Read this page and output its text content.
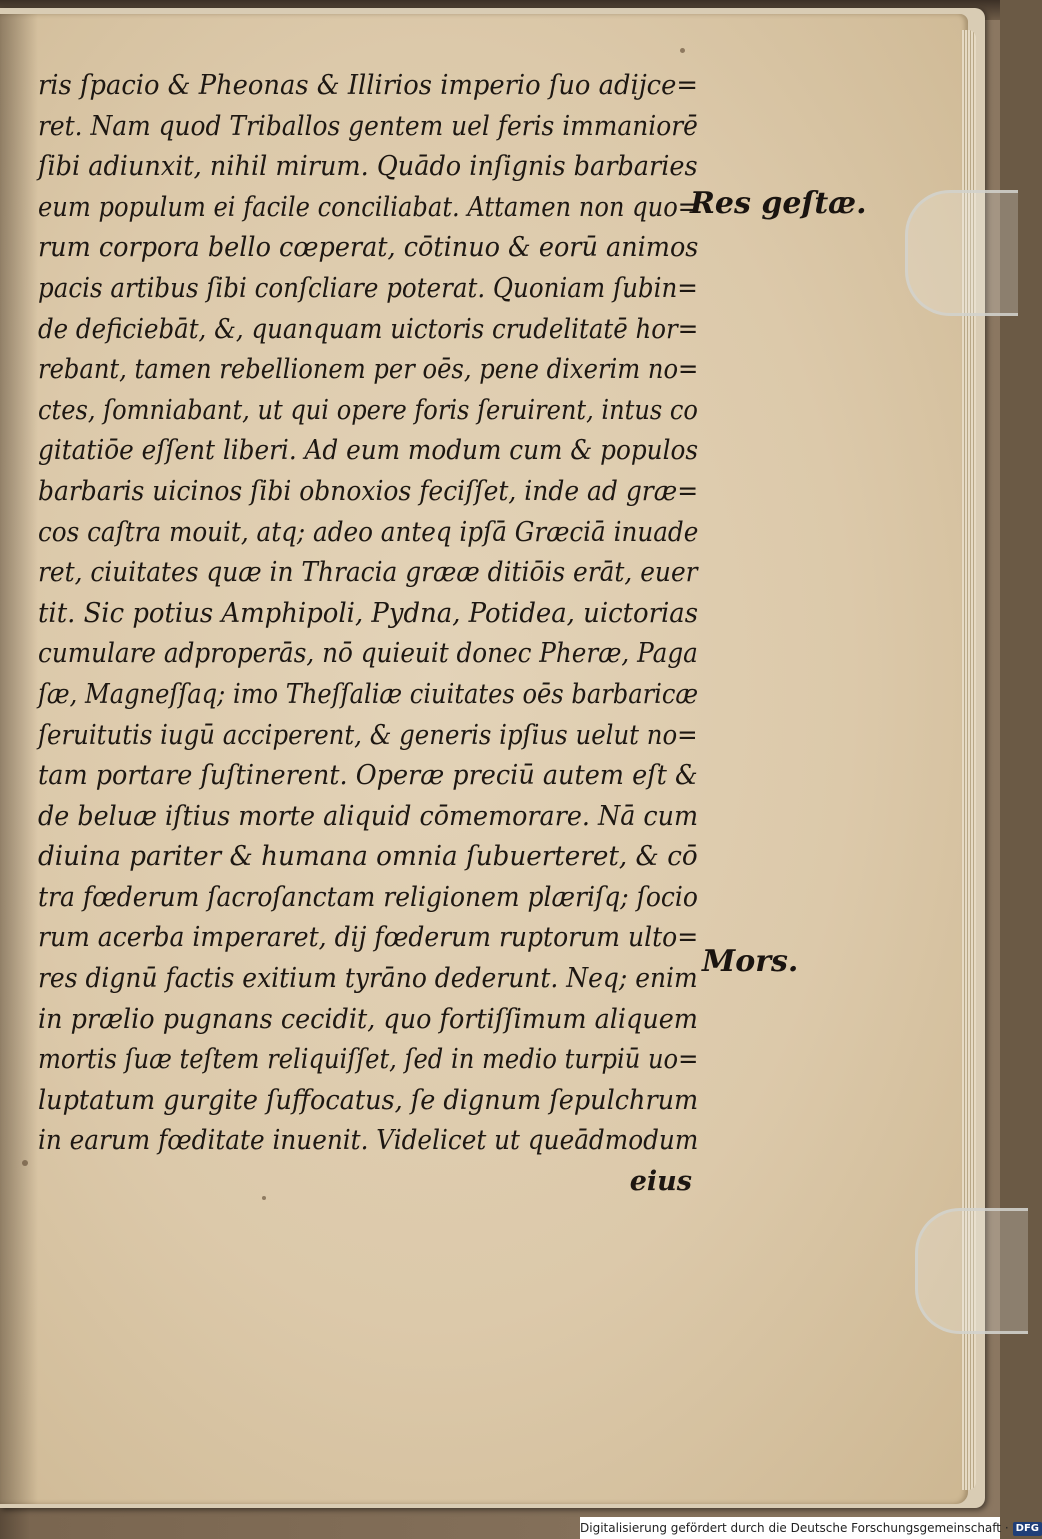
ris ſpacio & Pheonas & Illirios imperio ſuo adijce=
ret. Nam quod Triballos gentem uel feris immaniorē
ſibi adiunxit, nihil mirum. Quādo inſignis barbaries
eum populum ei facile conciliabat. Attamen non quo=
rum corpora bello cœperat, cōtinuo & eorū animos
pacis artibus ſibi conſcliare poterat. Quoniam ſubin=
de deficiebāt, &, quanquam uictoris crudelitatē hor=
rebant, tamen rebellionem per oēs, pene dixerim no=
ctes, ſomniabant, ut qui opere foris ſeruirent, intus co
gitatiōe eſſent liberi. Ad eum modum cum & populos
barbaris uicinos ſibi obnoxios feciſſet, inde ad græ=
cos caſtra mouit, atq; adeo anteq ipſā Græciā inuade
ret, ciuitates quæ in Thracia grææ ditiōis erāt, euer
tit. Sic potius Amphipoli, Pydna, Potidea, uictorias
cumulare adproperās, nō quieuit donec Pheræ, Paga
ſæ, Magneſſaq; imo Theſſaliæ ciuitates oēs barbaricæ
ſeruitutis iugū acciperent, & generis ipſius uelut no=
tam portare ſuſtinerent. Operæ preciū autem eſt &
de beluæ iſtius morte aliquid cōmemorare. Nā cum
diuina pariter & humana omnia ſubuerteret, & cō
tra fœderum ſacroſanctam religionem plæriſq; ſocio
rum acerba imperaret, dij fœderum ruptorum ulto=
res dignū factis exitium tyrāno dederunt. Neq; enim
in prælio pugnans cecidit, quo fortiſſimum aliquem
mortis ſuæ teſtem reliquiſſet, ſed in medio turpiū uo=
luptatum gurgite ſuffocatus, ſe dignum ſepulchrum
in earum fœditate inuenit. Videlicet ut queādmodum
eius
Res geſtæ.
Mors.
Digitalisierung gefördert durch die Deutsche Forschungsgemeinschaft · DFG
